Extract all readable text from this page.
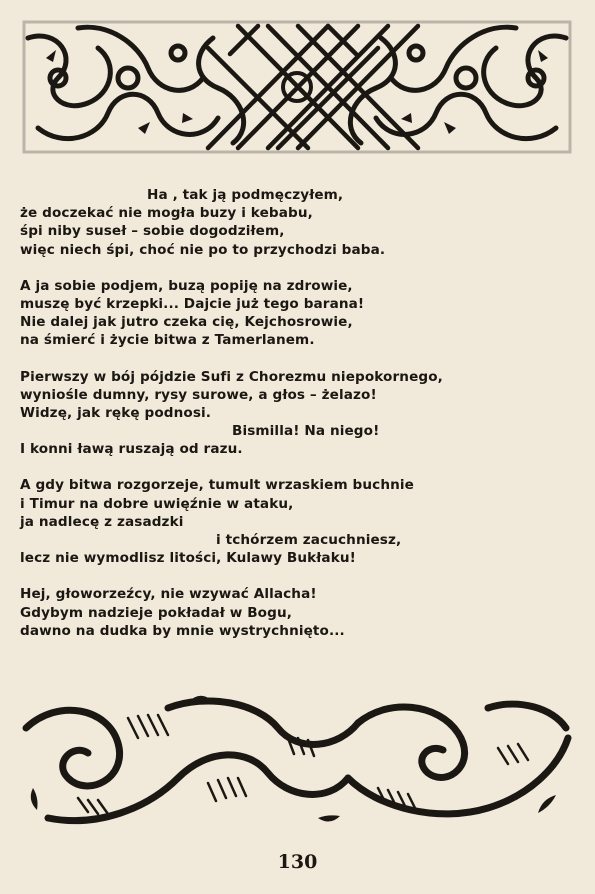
Ha , tak ją podmęczyłem,
że doczekać nie mogła buzy i kebabu,
śpi niby suseł – sobie dogodziłem,
więc niech śpi, choć nie po to przychodzi baba.
A ja sobie podjem, buzą popiję na zdrowie,
muszę być krzepki... Dajcie już tego barana!
Nie dalej jak jutro czeka cię, Kejchosrowie,
na śmierć i życie bitwa z Tamerlanem.
Pierwszy w bój pójdzie Sufi z Chorezmu niepokornego,
wyniośle dumny, rysy surowe, a głos – żelazo!
Widzę, jak rękę podnosi.
Bismilla! Na niego!
I konni ławą ruszają od razu.
A gdy bitwa rozgorzeje, tumult wrzaskiem buchnie
i Timur na dobre uwięźnie w ataku,
ja nadlecę z zasadzki
i tchórzem zacuchniesz,
lecz nie wymodlisz litości, Kulawy Bukłaku!
Hej, głoworzeźcy, nie wzywać Allacha!
Gdybym nadzieje pokładał w Bogu,
dawno na dudka by mnie wystrychnięto...
130
